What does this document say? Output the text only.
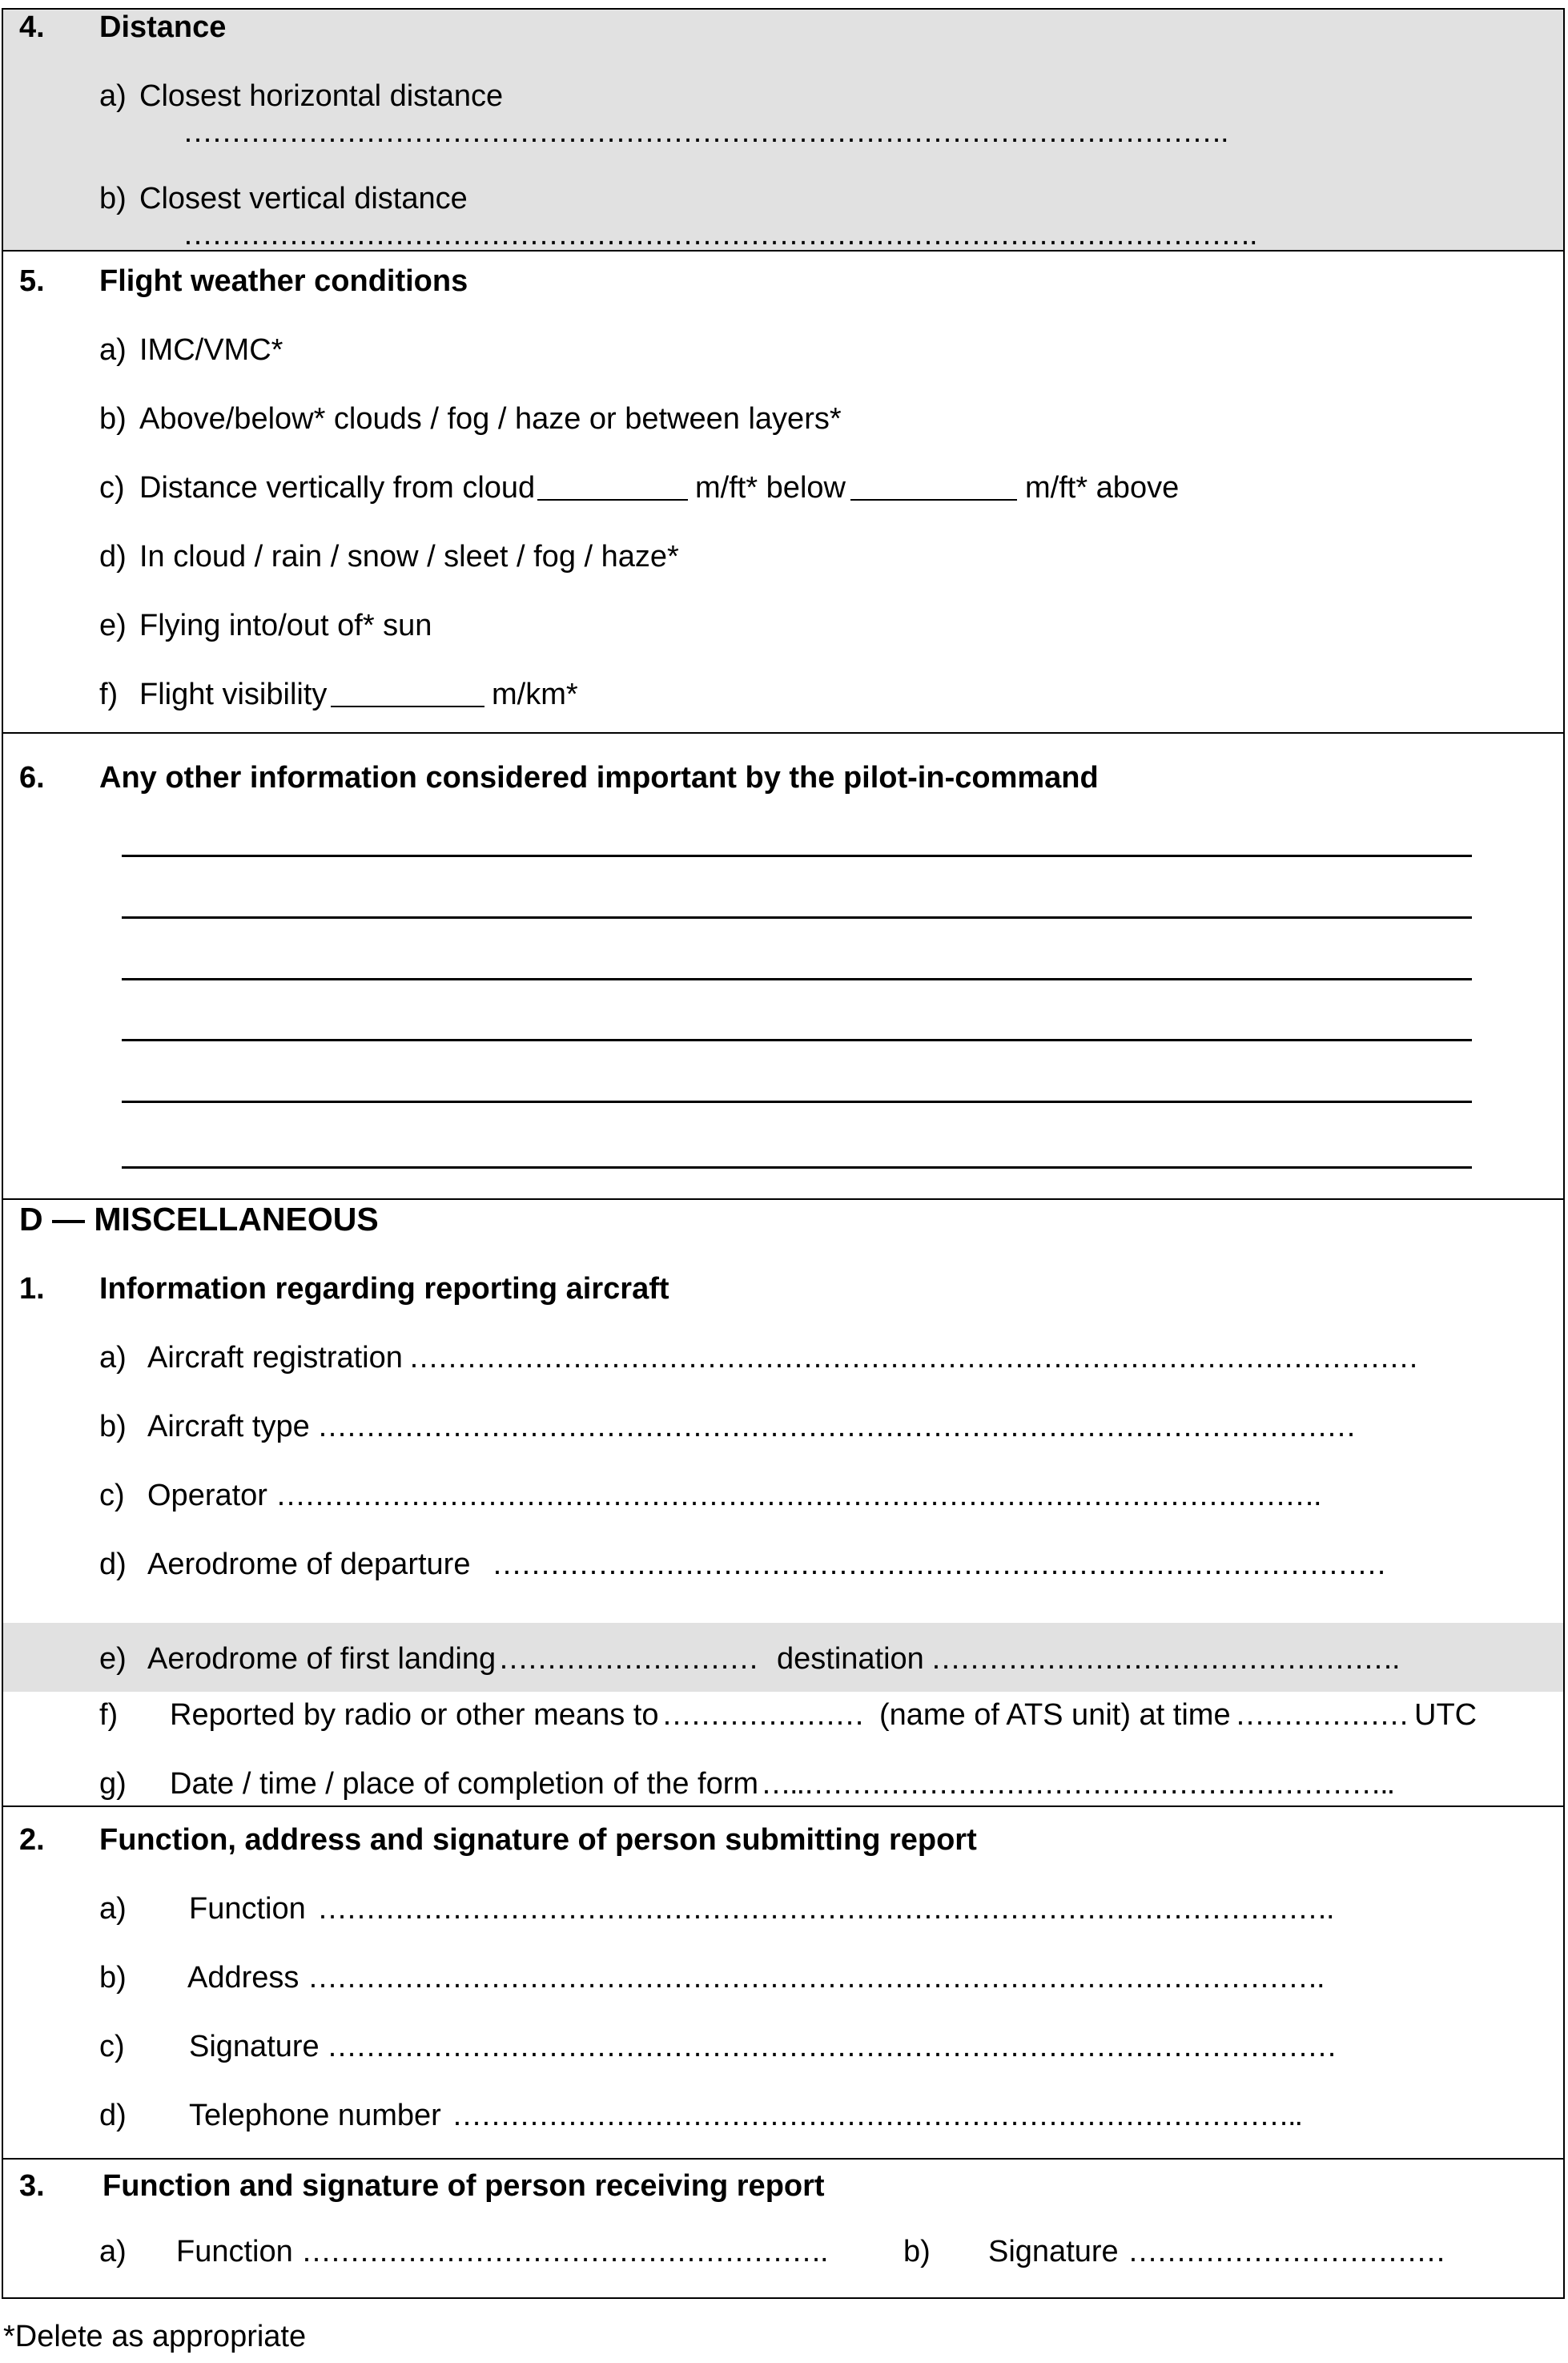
4. Distance
a) Closest horizontal distance
……………………………………………………………………………………………….
b) Closest vertical distance
………………………………………………………………………………………………….
5. Flight weather conditions
a) IMC/VMC*
b) Above/below* clouds / fog / haze or between layers*
c) Distance vertically from cloud	m/ft* below	m/ft* above
d) In cloud / rain / snow / sleet / fog / haze*
e) Flying into/out of* sun
f) Flight visibility	m/km*
6. Any other information considered important by the pilot-in-command
D — MISCELLANEOUS
1. Information regarding reporting aircraft
a) Aircraft registration ……………………………………………………………………………………………
b) Aircraft type ………………………………………………………………………………………………
c) Operator ……………………………………………………………………………………………….
d) Aerodrome of departure …………………………………………………………………………………
e) Aerodrome of first landing ……………………… destination ………………………………………….
f) Reported by radio or other means to ………………… (name of ATS unit) at time ……………… UTC
g) Date / time / place of completion of the form …..……………………………………………………..
2. Function, address and signature of person submitting report
a) Function …………………………………………………………………………………………….
b) Address …………………………………………………………………………………………….
c) Signature ……………………………………………………………………………………………
d) Telephone number ……………………………………………………………………………..
3. Function and signature of person receiving report
a) Function ……………………………………………….	b) Signature ……………………………
*Delete as appropriate
